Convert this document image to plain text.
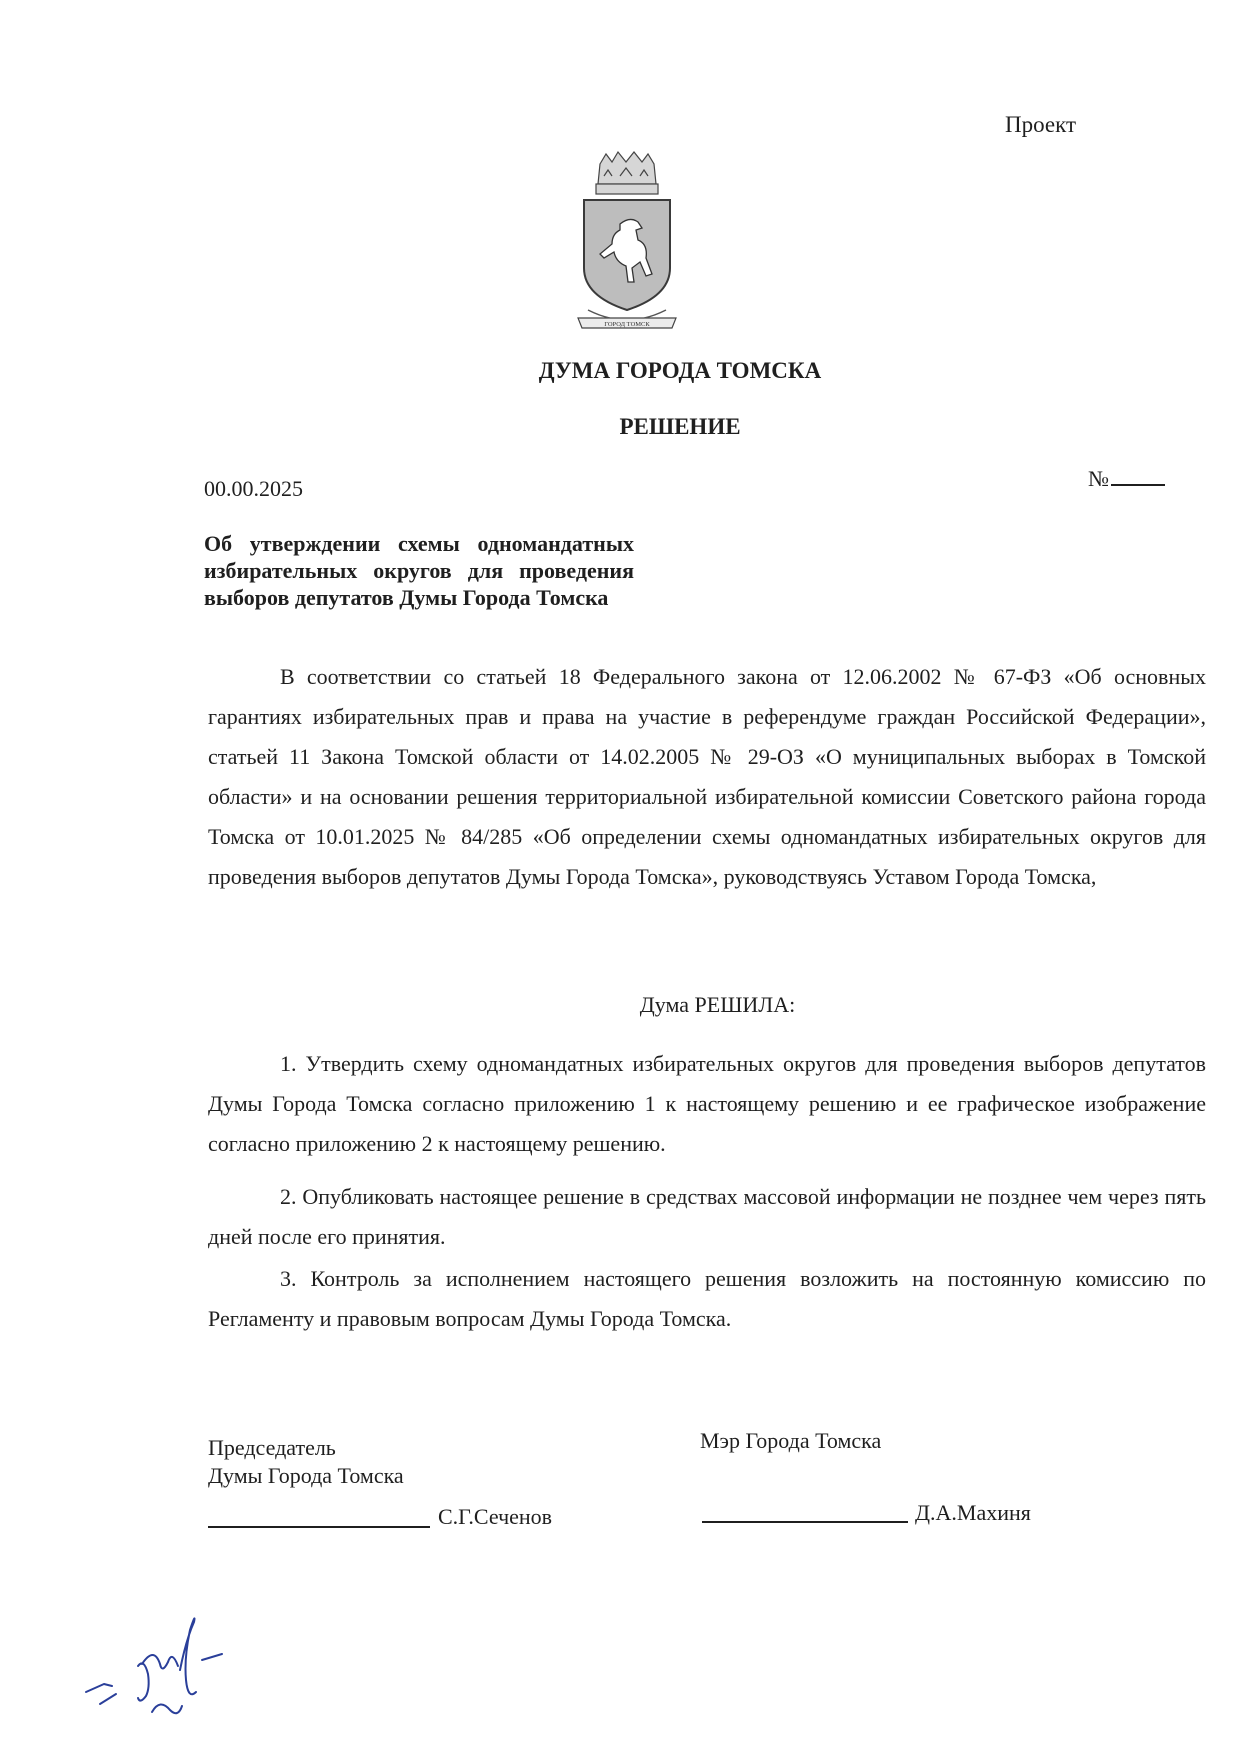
Проект
ГОРОД ТОМСК
ДУМА ГОРОДА ТОМСКА
РЕШЕНИЕ
00.00.2025	№
Об утверждении схемы одномандатных избирательных округов для проведения выборов депутатов Думы Города Томска
В соответствии со статьей 18 Федерального закона от 12.06.2002 № 67-ФЗ «Об основных гарантиях избирательных прав и права на участие в референдуме граждан Российской Федерации», статьей 11 Закона Томской области от 14.02.2005 № 29-ОЗ «О муниципальных выборах в Томской области» и на основании решения территориальной избирательной комиссии Советского района города Томска от 10.01.2025 № 84/285 «Об определении схемы одномандатных избирательных округов для проведения выборов депутатов Думы Города Томска», руководствуясь Уставом Города Томска,
Дума РЕШИЛА:
1. Утвердить схему одномандатных избирательных округов для проведения выборов депутатов Думы Города Томска согласно приложению 1 к настоящему решению и ее графическое изображение согласно приложению 2 к настоящему решению.
2. Опубликовать настоящее решение в средствах массовой информации не позднее чем через пять дней после его принятия.
3. Контроль за исполнением настоящего решения возложить на постоянную комиссию по Регламенту и правовым вопросам Думы Города Томска.
Председатель
Думы Города Томска
Мэр Города Томска
С.Г.Сеченов	Д.А.Махиня
